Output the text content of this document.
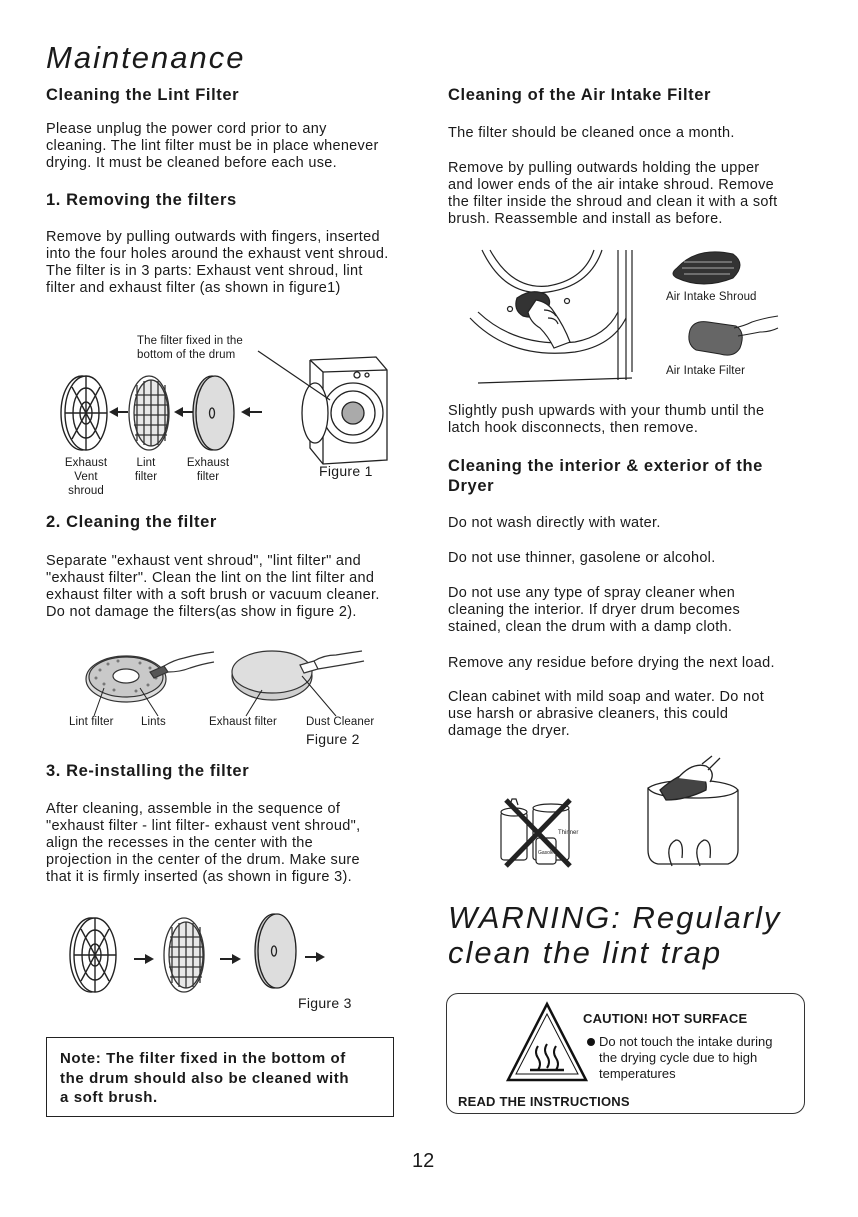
Maintenance
Cleaning the Lint Filter
Please unplug the power cord prior to any
cleaning. The lint filter must be in place whenever
drying. It must be cleaned before each use.
1. Removing the filters
Remove by pulling outwards with fingers, inserted
into the four holes around the exhaust vent shroud.
The filter is in 3 parts: Exhaust vent shroud, lint
filter and exhaust filter (as shown in figure1)
The filter fixed in the
bottom of the drum
Exhaust
Vent shroud
Lint
filter
Exhaust
filter	Figure 1
2. Cleaning the filter
Separate "exhaust vent shroud", "lint filter" and
"exhaust filter". Clean the lint on the lint filter and
exhaust filter with a soft brush or vacuum cleaner.
Do not damage the filters(as show in figure 2).
Lint filter Lints	Exhaust filter	Dust Cleaner
Figure 2
3. Re-installing the filter
After cleaning, assemble in the sequence of
"exhaust filter - lint filter- exhaust vent shroud",
align the recesses in the center with the
projection in the center of the drum. Make sure
that it is firmly inserted (as shown in figure 3).
Figure 3
Note: The filter fixed in the bottom of
the drum should also be cleaned with
a soft brush.
Cleaning of the Air Intake Filter
The filter should be cleaned once a month.
Remove by pulling outwards holding the upper
and lower ends of the air intake shroud. Remove
the filter inside the shroud and clean it with a soft
brush. Reassemble and install as before.
Air Intake Shroud
Air Intake Filter
Slightly push upwards with your thumb until the
latch hook disconnects, then remove.
Cleaning the interior & exterior of the
Dryer
Do not wash directly with water.
Do not use thinner, gasolene or alcohol.
Do not use any type of spray cleaner when
cleaning the interior. If dryer drum becomes
stained, clean the drum with a damp cloth.
Remove any residue before drying the next load.
Clean cabinet with mild soap and water. Do not
use harsh or abrasive cleaners, this could
damage the dryer.
Thinner
Gasolene
WARNING: Regularly
clean the lint trap
CAUTION! HOT SURFACE
Do not touch the intake during
the drying cycle due to high
temperatures
READ THE INSTRUCTIONS
12
